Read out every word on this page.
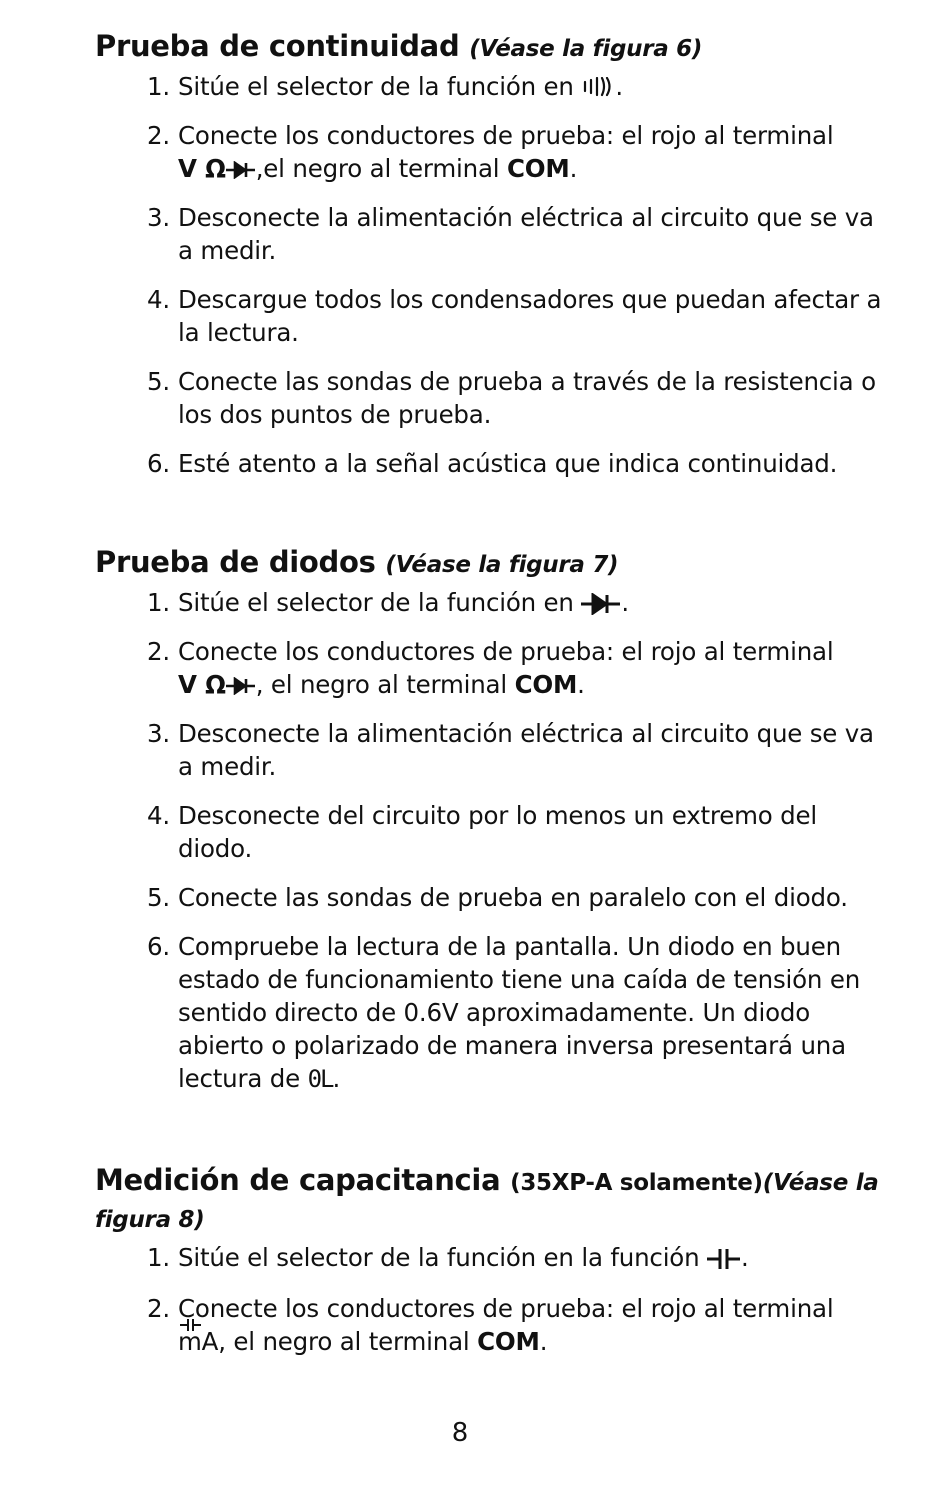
Prueba de continuidad (Véase la figura 6)
1. Sitúe el selector de la función en .
2. Conecte los conductores de prueba: el rojo al terminal
V Ω ,el negro al terminal COM.
3. Desconecte la alimentación eléctrica al circuito que se va a medir.
4. Descargue todos los condensadores que puedan afectar a la lectura.
5. Conecte las sondas de prueba a través de la resistencia o los dos puntos de prueba.
6. Esté atento a la señal acústica que indica continuidad.
Prueba de diodos (Véase la figura 7)
1. Sitúe el selector de la función en .
2. Conecte los conductores de prueba: el rojo al terminal
V Ω , el negro al terminal COM.
3. Desconecte la alimentación eléctrica al circuito que se va a medir.
4. Desconecte del circuito por lo menos un extremo del diodo.
5. Conecte las sondas de prueba en paralelo con el diodo.
6. Compruebe la lectura de la pantalla. Un diodo en buen estado de funcionamiento tiene una caída de tensión en sentido directo de 0.6V aproximadamente. Un diodo abierto o polarizado de manera inversa presentará una lectura de 0L.
Medición de capacitancia (35XP-A solamente)(Véase la figura 8)
1. Sitúe el selector de la función en la función .
2. Conecte los conductores de prueba: el rojo al terminal

mA, el negro al terminal COM.
8
